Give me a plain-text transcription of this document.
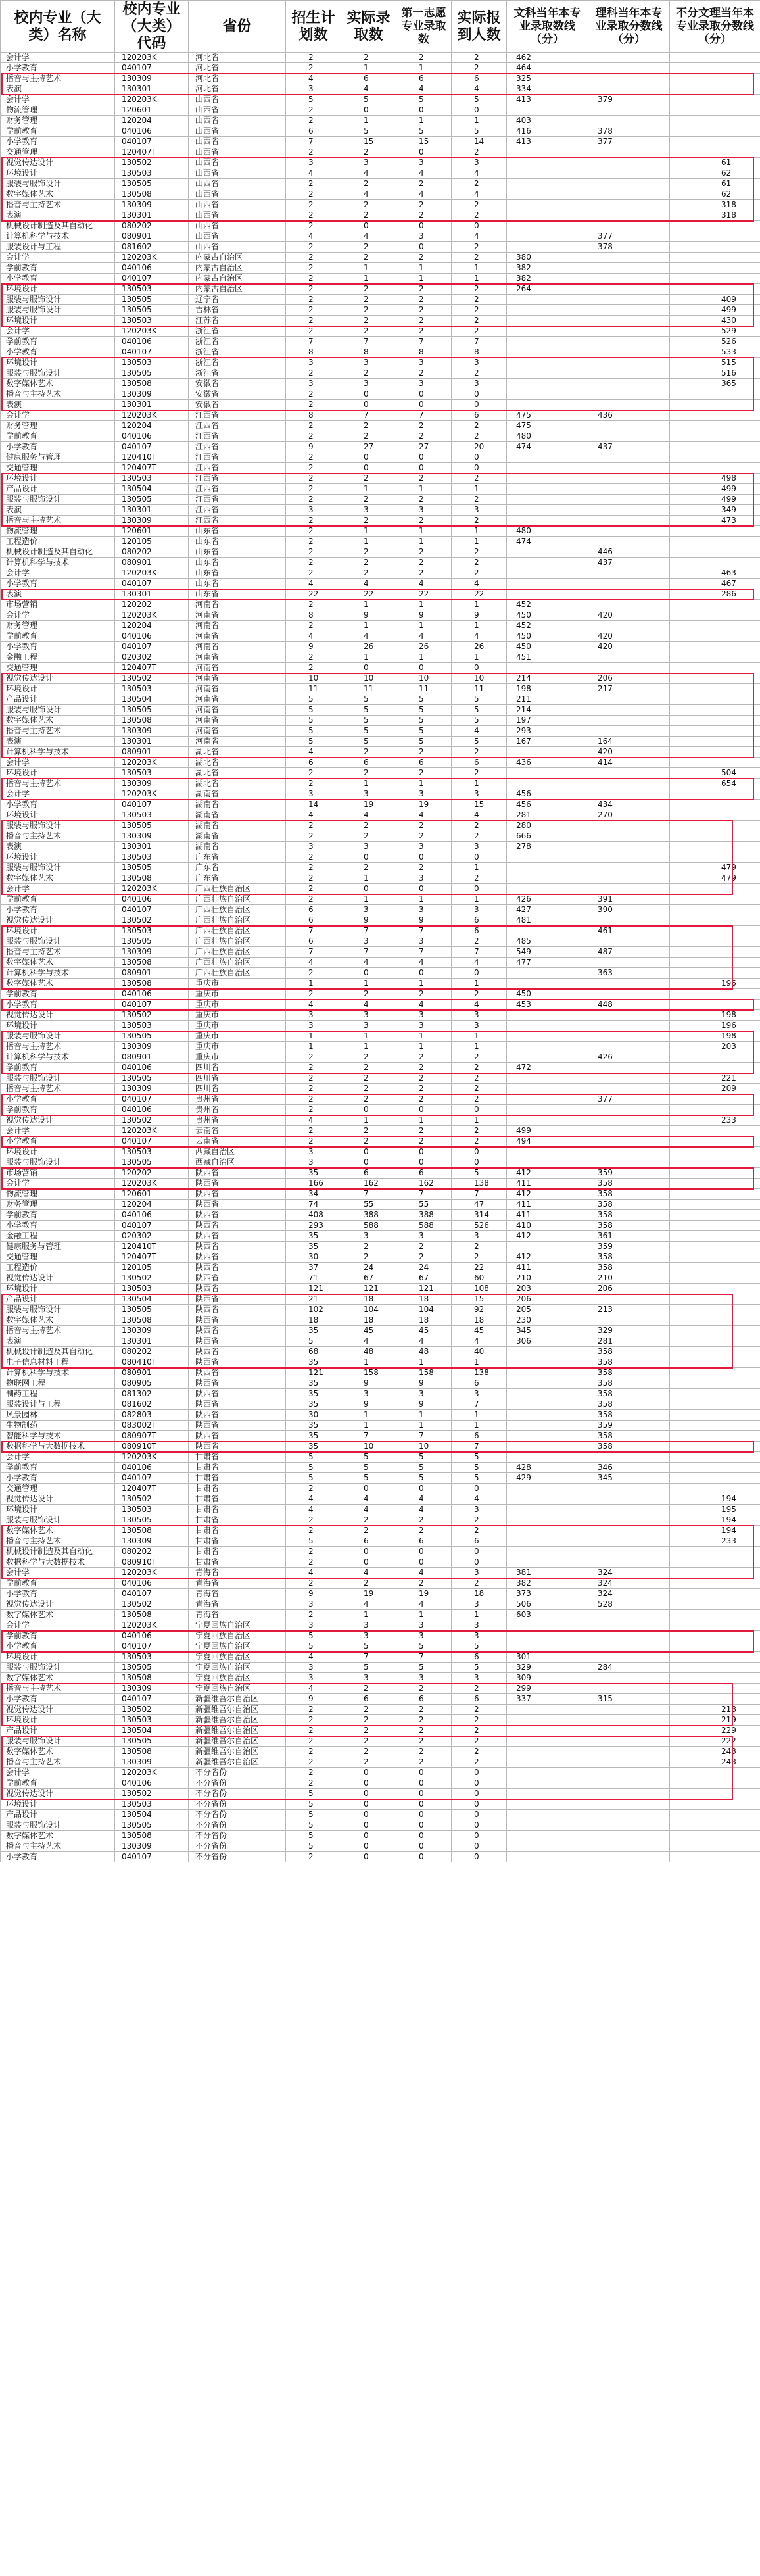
校内专业（大类）名称	校内专业（大类）代码	省份	招生计划数	实际录取数	第一志愿专业录取数	实际报到人数	文科当年本专业录取数线（分）	理科当年本专业录取分数线（分）	不分文理当年本专业录取分数线（分）
会计学	120203K	河北省	2	2	2	2	462		
小学教育	040107	河北省	2	1	1	2	464		
播音与主持艺术	130309	河北省	4	6	6	6	325		
表演	130301	河北省	3	4	4	4	334		
会计学	120203K	山西省	5	5	5	5	413	379	
物流管理	120601	山西省	2	0	0	0			
财务管理	120204	山西省	2	1	1	1	403		
学前教育	040106	山西省	6	5	5	5	416	378	
小学教育	040107	山西省	7	15	15	14	413	377	
交通管理	120407T	山西省	2	2	0	2			
视觉传达设计	130502	山西省	3	3	3	3			61
环境设计	130503	山西省	4	4	4	4			62
服装与服饰设计	130505	山西省	2	2	2	2			61
数字媒体艺术	130508	山西省	2	4	4	4			62
播音与主持艺术	130309	山西省	2	2	2	2			318
表演	130301	山西省	2	2	2	2			318
机械设计制造及其自动化	080202	山西省	2	0	0	0			
计算机科学与技术	080901	山西省	4	4	3	4		377	
服装设计与工程	081602	山西省	2	2	0	2		378	
会计学	120203K	内蒙古自治区	2	2	2	2	380		
学前教育	040106	内蒙古自治区	2	1	1	1	382		
小学教育	040107	内蒙古自治区	2	1	1	1	382		
环境设计	130503	内蒙古自治区	2	2	2	2	264		
服装与服饰设计	130505	辽宁省	2	2	2	2			409
服装与服饰设计	130505	吉林省	2	2	2	2			499
环境设计	130503	江苏省	2	2	2	2			430
会计学	120203K	浙江省	2	2	2	2			529
学前教育	040106	浙江省	7	7	7	7			526
小学教育	040107	浙江省	8	8	8	8			533
环境设计	130503	浙江省	3	3	3	3			515
服装与服饰设计	130505	浙江省	2	2	2	2			516
数字媒体艺术	130508	安徽省	3	3	3	3			365
播音与主持艺术	130309	安徽省	2	0	0	0			
表演	130301	安徽省	2	0	0	0			
会计学	120203K	江西省	8	7	7	6	475	436	
财务管理	120204	江西省	2	2	2	2	475		
学前教育	040106	江西省	2	2	2	2	480		
小学教育	040107	江西省	9	27	27	20	474	437	
健康服务与管理	120410T	江西省	2	0	0	0			
交通管理	120407T	江西省	2	0	0	0			
环境设计	130503	江西省	2	2	2	2			498
产品设计	130504	江西省	2	1	1	1			499
服装与服饰设计	130505	江西省	2	2	2	2			499
表演	130301	江西省	3	3	3	3			349
播音与主持艺术	130309	江西省	2	2	2	2			473
物流管理	120601	山东省	2	1	1	1	480		
工程造价	120105	山东省	2	1	1	1	474		
机械设计制造及其自动化	080202	山东省	2	2	2	2		446	
计算机科学与技术	080901	山东省	2	2	2	2		437	
会计学	120203K	山东省	2	2	2	2			463
小学教育	040107	山东省	4	4	4	4			467
表演	130301	山东省	22	22	22	22			286
市场营销	120202	河南省	2	1	1	1	452		
会计学	120203K	河南省	8	9	9	9	450	420	
财务管理	120204	河南省	2	1	1	1	452		
学前教育	040106	河南省	4	4	4	4	450	420	
小学教育	040107	河南省	9	26	26	26	450	420	
金融工程	020302	河南省	2	1	1	1	451		
交通管理	120407T	河南省	2	0	0	0			
视觉传达设计	130502	河南省	10	10	10	10	214	206	
环境设计	130503	河南省	11	11	11	11	198	217	
产品设计	130504	河南省	5	5	5	5	211		
服装与服饰设计	130505	河南省	5	5	5	5	214		
数字媒体艺术	130508	河南省	5	5	5	5	197		
播音与主持艺术	130309	河南省	5	5	5	4	293		
表演	130301	河南省	5	5	5	5	167	164	
计算机科学与技术	080901	湖北省	4	2	2	2		420	
会计学	120203K	湖北省	6	6	6	6	436	414	
环境设计	130503	湖北省	2	2	2	2			504
播音与主持艺术	130309	湖北省	2	1	1	1			654
会计学	120203K	湖南省	3	3	3	3	456		
小学教育	040107	湖南省	14	19	19	15	456	434	
环境设计	130503	湖南省	4	4	4	4	281	270	
服装与服饰设计	130505	湖南省	2	2	2	2	280		
播音与主持艺术	130309	湖南省	2	2	2	2	666		
表演	130301	湖南省	3	3	3	3	278		
环境设计	130503	广东省	2	0	0	0			
服装与服饰设计	130505	广东省	2	2	2	1			479
数字媒体艺术	130508	广东省	2	1	3	2			479
会计学	120203K	广西壮族自治区	2	0	0	0			
学前教育	040106	广西壮族自治区	2	1	1	1	426	391	
小学教育	040107	广西壮族自治区	6	3	3	3	427	390	
视觉传达设计	130502	广西壮族自治区	6	9	9	6	481		
环境设计	130503	广西壮族自治区	7	7	7	6		461	
服装与服饰设计	130505	广西壮族自治区	6	3	3	2	485		
播音与主持艺术	130309	广西壮族自治区	7	7	7	7	549	487	
数字媒体艺术	130508	广西壮族自治区	4	4	4	4	477		
计算机科学与技术	080901	广西壮族自治区	2	0	0	0		363	
数字媒体艺术	130508	重庆市	1	1	1	1			196
学前教育	040106	重庆市	2	2	2	2	450		
小学教育	040107	重庆市	4	4	4	4	453	448	
视觉传达设计	130502	重庆市	3	3	3	3			198
环境设计	130503	重庆市	3	3	3	3			196
服装与服饰设计	130505	重庆市	1	1	1	1			198
播音与主持艺术	130309	重庆市	1	1	1	1			203
计算机科学与技术	080901	重庆市	2	2	2	2		426	
学前教育	040106	四川省	2	2	2	2	472		
服装与服饰设计	130505	四川省	2	2	2	2			221
播音与主持艺术	130309	四川省	2	2	2	2			209
小学教育	040107	贵州省	2	2	2	2		377	
学前教育	040106	贵州省	2	0	0	0			
视觉传达设计	130502	贵州省	4	1	1	1			233
会计学	120203K	云南省	2	2	2	2	499		
小学教育	040107	云南省	2	2	2	2	494		
环境设计	130503	西藏自治区	3	0	0	0			
服装与服饰设计	130505	西藏自治区	3	0	0	0			
市场营销	120202	陕西省	35	6	6	5	412	359	
会计学	120203K	陕西省	166	162	162	138	411	358	
物流管理	120601	陕西省	34	7	7	7	412	358	
财务管理	120204	陕西省	74	55	55	47	411	358	
学前教育	040106	陕西省	408	388	388	314	411	358	
小学教育	040107	陕西省	293	588	588	526	410	358	
金融工程	020302	陕西省	35	3	3	3	412	361	
健康服务与管理	120410T	陕西省	35	2	2	2		359	
交通管理	120407T	陕西省	30	2	2	2	412	358	
工程造价	120105	陕西省	37	24	24	22	411	358	
视觉传达设计	130502	陕西省	71	67	67	60	210	210	
环境设计	130503	陕西省	121	121	121	108	203	206	
产品设计	130504	陕西省	21	18	18	15	206		
服装与服饰设计	130505	陕西省	102	104	104	92	205	213	
数字媒体艺术	130508	陕西省	18	18	18	18	230		
播音与主持艺术	130309	陕西省	35	45	45	45	345	329	
表演	130301	陕西省	5	4	4	4	306	281	
机械设计制造及其自动化	080202	陕西省	68	48	48	40		358	
电子信息材料工程	080410T	陕西省	35	1	1	1		358	
计算机科学与技术	080901	陕西省	121	158	158	138		358	
物联网工程	080905	陕西省	35	9	9	6		358	
制药工程	081302	陕西省	35	3	3	3		358	
服装设计与工程	081602	陕西省	35	9	9	7		358	
风景园林	082803	陕西省	30	1	1	1		358	
生物制药	083002T	陕西省	35	1	1	1		359	
智能科学与技术	080907T	陕西省	35	7	7	6		358	
数据科学与大数据技术	080910T	陕西省	35	10	10	7		358	
会计学	120203K	甘肃省	5	5	5	5			
学前教育	040106	甘肃省	5	5	5	5	428	346	
小学教育	040107	甘肃省	5	5	5	5	429	345	
交通管理	120407T	甘肃省	2	0	0	0			
视觉传达设计	130502	甘肃省	4	4	4	4			194
环境设计	130503	甘肃省	4	4	4	3			195
服装与服饰设计	130505	甘肃省	2	2	2	2			194
数字媒体艺术	130508	甘肃省	2	2	2	2			194
播音与主持艺术	130309	甘肃省	5	6	6	6			233
机械设计制造及其自动化	080202	甘肃省	2	0	0	0			
数据科学与大数据技术	080910T	甘肃省	2	0	0	0			
会计学	120203K	青海省	4	4	4	3	381	324	
学前教育	040106	青海省	2	2	2	2	382	324	
小学教育	040107	青海省	9	19	19	18	373	324	
视觉传达设计	130502	青海省	3	4	4	3	506	528	
数字媒体艺术	130508	青海省	2	1	1	1	603		
会计学	120203K	宁夏回族自治区	3	3	3	3			
学前教育	040106	宁夏回族自治区	5	3	3	3			
小学教育	040107	宁夏回族自治区	5	5	5	5			
环境设计	130503	宁夏回族自治区	4	7	7	6	301		
服装与服饰设计	130505	宁夏回族自治区	3	5	5	5	329	284	
数字媒体艺术	130508	宁夏回族自治区	3	3	3	3	309		
播音与主持艺术	130309	宁夏回族自治区	4	2	2	2	299		
小学教育	040107	新疆维吾尔自治区	9	6	6	6	337	315	
视觉传达设计	130502	新疆维吾尔自治区	2	2	2	2			218
环境设计	130503	新疆维吾尔自治区	2	2	2	2			219
产品设计	130504	新疆维吾尔自治区	2	2	2	2			229
服装与服饰设计	130505	新疆维吾尔自治区	2	2	2	2			222
数字媒体艺术	130508	新疆维吾尔自治区	2	2	2	2			243
播音与主持艺术	130309	新疆维吾尔自治区	2	2	2	2			243
会计学	120203K	不分省份	2	0	0	0			
学前教育	040106	不分省份	2	0	0	0			
视觉传达设计	130502	不分省份	5	0	0	0			
环境设计	130503	不分省份	5	0	0	0			
产品设计	130504	不分省份	5	0	0	0			
服装与服饰设计	130505	不分省份	5	0	0	0			
数字媒体艺术	130508	不分省份	5	0	0	0			
播音与主持艺术	130309	不分省份	5	0	0	0			
小学教育	040107	不分省份	2	0	0	0			
